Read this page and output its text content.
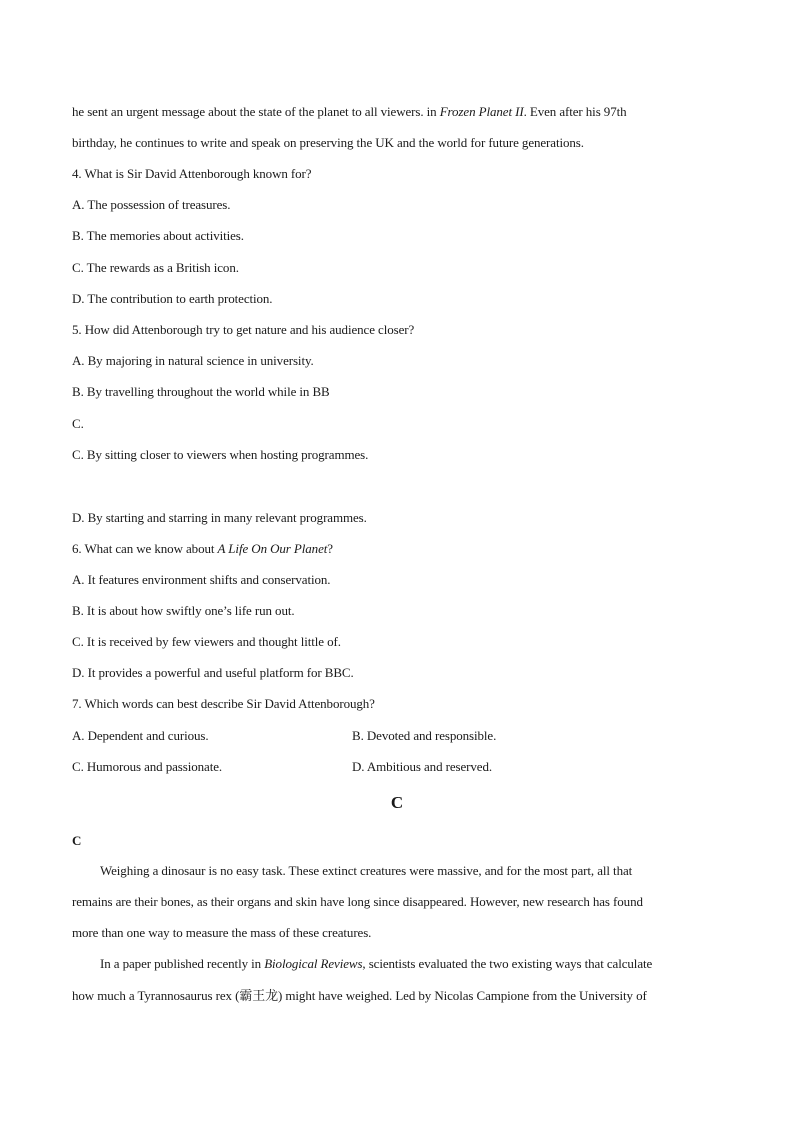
he sent an urgent message about the state of the planet to all viewers. in Frozen Planet II. Even after his 97th
birthday, he continues to write and speak on preserving the UK and the world for future generations.
4. What is Sir David Attenborough known for?
A. The possession of treasures.
B. The memories about activities.
C. The rewards as a British icon.
D. The contribution to earth protection.
5. How did Attenborough try to get nature and his audience closer?
A. By majoring in natural science in university.
B. By travelling throughout the world while in BB
C.
C. By sitting closer to viewers when hosting programmes.
D. By starting and starring in many relevant programmes.
6. What can we know about A Life On Our Planet?
A. It features environment shifts and conservation.
B. It is about how swiftly one’s life run out.
C. It is received by few viewers and thought little of.
D. It provides a powerful and useful platform for BBC.
7. Which words can best describe Sir David Attenborough?
A. Dependent and curious.	B. Devoted and responsible.
C. Humorous and passionate.	D. Ambitious and reserved.
C
C
Weighing a dinosaur is no easy task. These extinct creatures were massive, and for the most part, all that
remains are their bones, as their organs and skin have long since disappeared. However, new research has found
more than one way to measure the mass of these creatures.
In a paper published recently in Biological Reviews, scientists evaluated the two existing ways that calculate
how much a Tyrannosaurus rex (霸王龙) might have weighed. Led by Nicolas Campione from the University of
